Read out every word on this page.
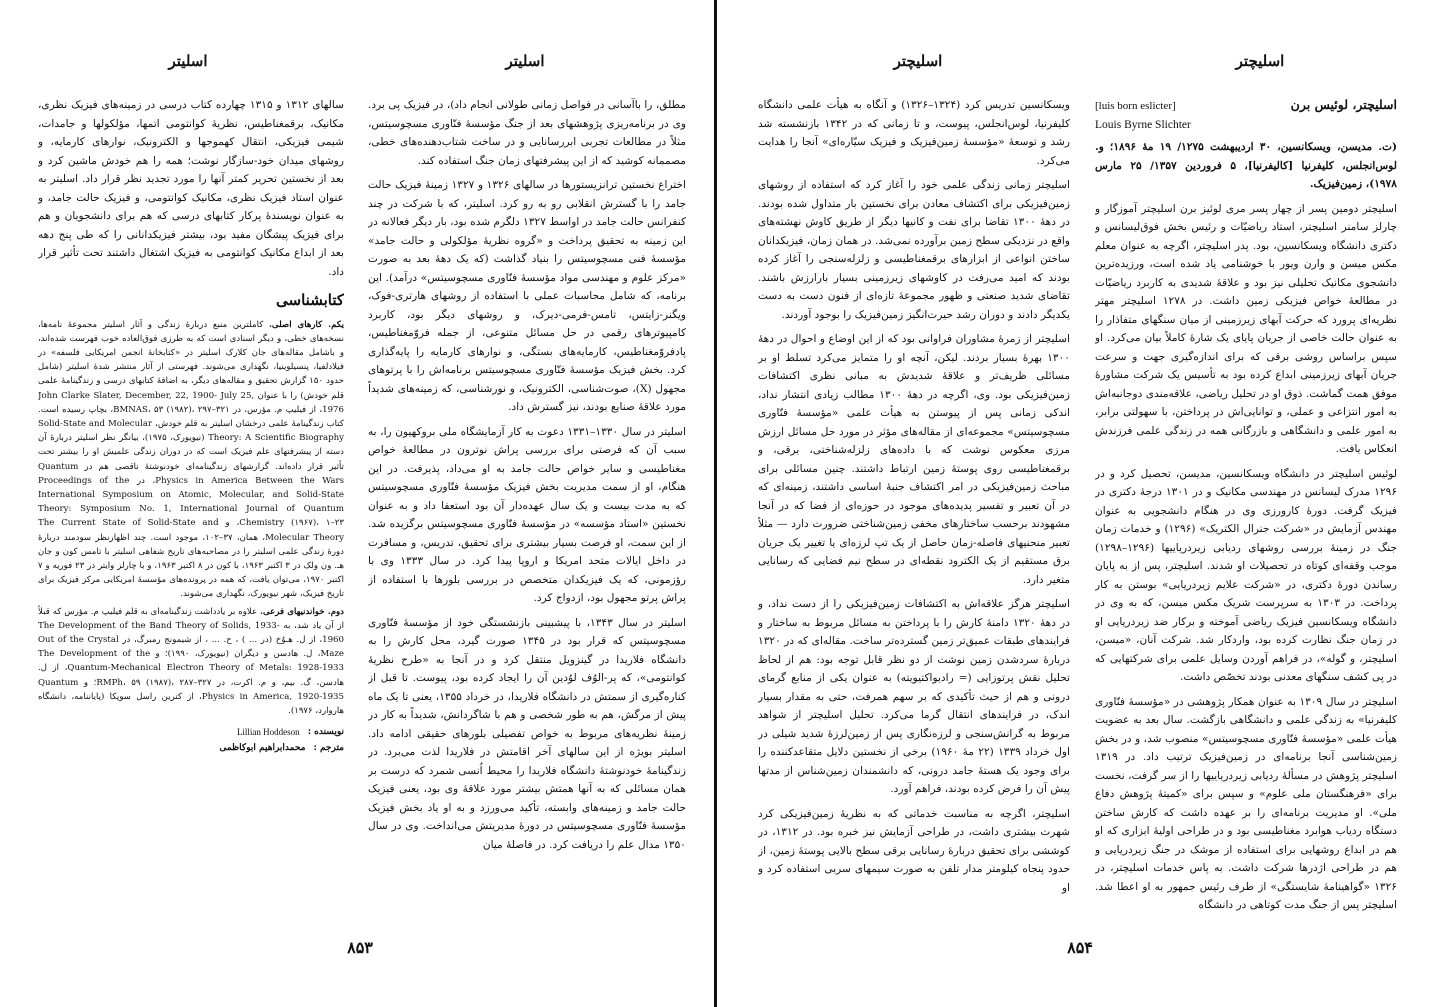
اسلیچتر
اسلیچتر
اسلیچتر، لوئیس برن
[luis born eslicter]
Louis Byrne Slichter

(ت. مدیسن، ویسکانسین، ۳۰ اردیبهشت ۱۲۷۵/ ۱۹ مهٔ ۱۸۹۶؛ و. لوس‌انجلس، کلیفرنیا [کالیفرنیا]، ۵ فروردین ۱۳۵۷/ ۲۵ مارس ۱۹۷۸)، زمین‌فیزیک.

اسلیچتر دومین پسر از چهار پسر مری لوئیز برن اسلیچتر آموزگار و چارلز سامنر اسلیچتر، استاد ریاضیّات و رئیس بخش فوق‌لیسانس و دکتری دانشگاه ویسکانسین، بود. پدر اسلیچتر، اگرچه به عنوان معلم مکس میسن و وارن ویور با خوشنامی یاد شده است، ورزیده‌ترین دانشجوی مکانیک تحلیلی نیز بود و علاقهٔ شدیدی به کاربرد ریاضیّات در مطالعهٔ خواص فیزیکی زمین داشت. در ۱۲۷۸ اسلیچتر مهتر نظریه‌ای پرورد که حرکت آبهای زیرزمینی از میان سنگهای متفاذار را به عنوان حالت خاصی از جریان پایای یک شارهٔ کاملاً بیان می‌کرد. او سپس براساس روشی برقی که برای اندازه‌گیری جهت و سرعت جریان آبهای زیرزمینی ابداع کرده بود به تأسیس یک شرکت مشاورهٔ موفق همت گماشت. ذوق او در تحلیل ریاضی، علاقه‌مندی دوجانبه‌اش به امور انتزاعی و عملی، و توانایی‌اش در پرداختن، با سهولتی برابر، به امور علمی و دانشگاهی و بازرگانی همه در زندگی علمی فرزندش انعکاس یافت.

لوئیس اسلیچتر در دانشگاه ویسکانسین، مدیسن، تحصیل کرد و در ۱۲۹۶ مدرک لیسانس در مهندسی مکانیک و در ۱۳۰۱ درجهٔ دکتری در فیزیک گرفت. دورهٔ کارورزی وی در هنگام دانشجویی به عنوان مهندس آزمایش در «شرکت جنرال الکتریک» (۱۲۹۶) و خدمات زمان جنگ در زمینهٔ بررسی روشهای ردیابی زیردریاییها (۱۲۹۶–۱۲۹۸) موجب وقفه‌ای کوتاه در تحصیلات او شدند. اسلیچتر، پس از به پایان رساندن دورهٔ دکتری، در «شرکت علایم زیردریایی» بوستن به کار پرداخت. در ۱۳۰۳ به سرپرست شریک مکس میسن، که به وی در دانشگاه ویسکانسین فیزیک ریاضی آموخته و برکار ضد زیردریایی او در زمان جنگ نظارت کرده بود، واردکار شد. شرکت آنان، «میسن، اسلیچتر، و گوله»، در فراهم آوردن وسایل علمی برای شرکتهایی که در پی کشف سنگهای معدنی بودند تخصّص داشت.

اسلیچتر در سال ۱۳۰۹ به عنوان همکار پژوهشی در «مؤسسهٔ فنّاوری کلیفرنیا» به زندگی علمی و دانشگاهی بازگشت. سال بعد به عضویت هیأت علمی «مؤسسهٔ فنّاوری مسچوسیتس» منصوب شد، و در بخش زمین‌شناسی آنجا برنامه‌ای در زمین‌فیزیک ترتیب داد. در ۱۳۱۹ اسلیچتر پژوهش در مسألهٔ ردیابی زیردریاییها را از سر گرفت، نخست برای «فرهنگستان ملی علوم» و سپس برای «کمیتهٔ پژوهش دفاع ملی». او مدیریت برنامه‌ای را بر عهده داشت که کارش ساختن دستگاه ردیاب هوابرد مغناطیسی بود و در طراحی اولیهٔ ابزاری که او هم در ابداع روشهایی برای استفاده از موشک در جنگ زیردریایی و هم در طراحی اژدرها شرکت داشت. به پاس خدمات اسلیچتر، در ۱۳۲۶ «گواهینامهٔ شایستگی» از طرف رئیس جمهور به او اعطا شد. اسلیچتر پس از جنگ مدت کوتاهی در دانشگاه

ویسکانسین تدریس کرد (۱۳۲۴–۱۳۲۶) و آنگاه به هیأت علمی دانشگاه کلیفرنیا، لوس‌انجلس، پیوست، و تا زمانی که در ۱۳۴۲ بازنشسته شد رشد و توسعهٔ «مؤسسهٔ زمین‌فیزیک و فیزیک سیّاره‌ای» آنجا را هدایت می‌کرد.

اسلیچتر زمانی زندگی علمی خود را آغاز کرد که استفاده از روشهای زمین‌فیزیکی برای اکتشاف معادن برای نخستین بار متداول شده بودند. در دههٔ ۱۳۰۰ تقاضا برای نفت و کانیها دیگر از طریق کاوش نهشته‌های واقع در نزدیکی سطح زمین برآورده نمی‌شد. در همان زمان، فیزیکدانان ساختن انواعی از ابزارهای برقمغناطیسی و زلزله‌سنجی را آغاز کرده بودند که امید می‌رفت در کاوشهای زیرزمینی بسیار بارارزش باشند. تقاضای شدید صنعتی و ظهور مجموعهٔ تازه‌ای از فنون دست به دست یکدیگر دادند و دوران رشد حیرت‌انگیز زمین‌فیزیک را بوجود آوردند.

اسلیچتر از زمرهٔ مشاوران فراوانی بود که از این اوضاع و احوال در دههٔ ۱۳۰۰ بهرهٔ بسیار بردند. لیکن، آنچه او را متمایز می‌کرد تسلط او بر مسائلی ظریف‌تر و علاقهٔ شدیدش به مبانی نظری اکتشافات زمین‌فیزیکی بود. وی، اگرچه در دههٔ ۱۳۰۰ مطالب زیادی انتشار نداد، اندکی زمانی پس از پیوستن به هیأت علمی «مؤسسهٔ فنّاوری مسچوسیتس» مجموعه‌ای از مقاله‌های مؤثر در مورد حل مسائل ارزش مرزی معکوس نوشت که با داده‌های زلزله‌شناختی، برقی، و برقمغناطیسی روی پوستهٔ زمین ارتباط داشتند. چنین مسائلی برای مباحث زمین‌فیزیکی در امر اکتشاف جنبهٔ اساسی داشتند، زمینه‌ای که در آن تعبیر و تفسیر پدیده‌های موجود در حوزه‌ای از فضا که در آنجا مشهودند برحسب ساختارهای مخفی زمین‌شناختی ضرورت دارد — مثلاً تعبیر منحنیهای فاصله-زمان حاصل از یک تپ لرزه‌ای یا تغییر یک جریان برق مستقیم از یک الکترود نقطه‌ای در سطح نیم فضایی که رسانایی متغیر دارد.

اسلیچتر هرگز علاقه‌اش به اکتشافات زمین‌فیزیکی را از دست نداد، و در دههٔ ۱۳۲۰ دامنهٔ کارش را با پرداختن به مسائل مربوط به ساختار و فرایندهای طبقات عمیق‌تر زمین گسترده‌تر ساخت. مقاله‌ای که در ۱۳۲۰ دربارهٔ سردشدن زمین نوشت از دو نظر قابل توجه بود: هم از لحاظ تحلیل نقش پرتوزایی (= رادیواکتیویته) به عنوان یکی از منابع گرمای درونی و هم از حیث تأکیدی که بر سهم همرفت، حتی به مقدار بسیار اندک، در فرایندهای انتقال گرما می‌کرد. تحلیل اسلیچتر از شواهد مربوط به گرانش‌سنجی و لرزه‌نگاری پس از زمین‌لرزهٔ شدید شیلی در اول خرداد ۱۳۳۹ (۲۲ مهٔ ۱۹۶۰) برخی از نخستین دلایل متقاعدکننده را برای وجود یک هستهٔ جامد درونی، که دانشمندان زمین‌شناس از مدتها پیش آن را فرض کرده بودند، فراهم آورد.

اسلیچتر، اگرچه به مناسبت خدماتی که به نظریهٔ زمین‌فیزیکی کرد شهرت بیشتری داشت، در طراحی آزمایش نیز خبره بود. در ۱۳۱۲، در کوششی برای تحقیق دربارهٔ رسانایی برقی سطح بالایی پوستهٔ زمین، از حدود پنجاه کیلومتر مدار تلفن به صورت سیمهای سربی استفاده کرد و او

۸۵۴
اسلیتر
اسلیتر

مطلق، را باآسانی در فواصل زمانی طولانی انجام داد)، در فیزیک پی برد. وی در برنامه‌ریزی پژوهشهای بعد از جنگ مؤسسهٔ فنّاوری مسچوسیتس، مثلاً در مطالعات تجربی ابررسانایی و در ساخت شتاب‌دهنده‌های خطی، مصممانه کوشید که از این پیشرفتهای زمان جنگ استفاده کند.

اختراع نخستین ترانزیستورها در سالهای ۱۳۲۶ و ۱۳۲۷ زمینهٔ فیزیک حالت جامد را با گسترش انقلابی رو به رو کرد. اسلیتر، که با شرکت در چند کنفرانس حالت جامد در اواسط ۱۳۲۷ دلگرم شده بود، بار دیگر فعالانه در این زمینه به تحقیق پرداخت و «گروه نظریهٔ مؤلکولی و حالت جامد» مؤسسهٔ فنی مسچوسیتس را بنیاد گذاشت (که یک دههٔ بعد به صورت «مرکز علوم و مهندسی مواد مؤسسهٔ فنّاوری مسچوسیتس» درآمد). این برنامه، که شامل محاسبات عملی با استفاده از روشهای هارتری-فوک، ویگنر-زایتس، تامس-فرمی-دیرک، و روشهای دیگر بود، کاربرد کامپیوترهای رقمی در حل مسائل متنوعی، از جمله فروّمغناطیس، پادفروّمغناطیس، کارمایه‌های بستگی، و نوارهای کارمایه را پایه‌گذاری کرد. بخش فیزیک مؤسسهٔ فنّاوری مسچوسیتس برنامه‌اش را با پرتوهای مجهول (X)، صوت‌شناسی، الکترونیک، و نورشناسی، که زمینه‌های شدیداً مورد علاقهٔ صنایع بودند، نیز گسترش داد.

اسلیتر در سال ۱۳۳۰–۱۳۳۱ دعوت به کار آزمایشگاه ملی بروکهیون را، به سبب آن که فرصتی برای بررسی پراش نوترون در مطالعهٔ خواص مغناطیسی و سایر خواص حالت جامد به او می‌داد، پذیرفت. در این هنگام، او از سمت مدیریت بخش فیزیک مؤسسهٔ فنّاوری مسچوسیتس که به مدت بیست و یک سال عهده‌دار آن بود استعفا داد و به عنوان نخستین «استاد مؤسسه» در مؤسسهٔ فنّاوری مسچوسیتس برگزیده شد. از این سمت، او فرصت بسیار بیشتری برای تحقیق، تدریس، و مسافرت در داخل ایالات متحد امریکا و اروپا پیدا کرد. در سال ۱۳۳۳ وی با رؤزمونی، که یک فیزیکدان متخصص در بررسی بلورها با استفاده از پراش پرتو مجهول بود، ازدواج کرد.

اسلیتر در سال ۱۳۴۳، با پیشبینی بازنشستگی خود از مؤسسهٔ فنّاوری مسچوسیتس که قرار بود در ۱۳۴۵ صورت گیرد، محل کارش را به دانشگاه فلاریدا در گینزویل منتقل کرد و در آنجا به «طرح نظریهٔ کوانتومی»، که پر-الوُف لوُدین آن را ایجاد کرده بود، پیوست. تا قبل از کناره‌گیری از سمتش در دانشگاه فلاریدا، در خرداد ۱۳۵۵، یعنی تا یک ماه پیش از مرگش، هم به طور شخصی و هم با شاگردانش، شدیداً به کار در زمینهٔ نظریه‌های مربوط به خواص تفصیلی بلورهای حقیقی ادامه داد. اسلیتر بویژه از این سالهای آخر اقامتش در فلاریدا لذت می‌برد. در زندگینامهٔ خودنوشتهٔ دانشگاه فلاریدا را محیط اُنسی شمرد که درست بر همان مسائلی که به آنها همتش بیشتر مورد علاقهٔ وی بود، یعنی فیزیک حالت جامد و زمینه‌های وابسته، تأکید می‌ورزد و به او یاد بخش فیزیک مؤسسهٔ فنّاوری مسچوسیتس در دورهٔ مدیریتش می‌انداخت. وی در سال ۱۳۵۰ مدال علم را دریافت کرد. در فاصلهٔ میان

سالهای ۱۳۱۲ و ۱۳۱۵ چهارده کتاب درسی در زمینه‌های فیزیک نظری، مکانیک، برقمغناطیس، نظریهٔ کوانتومی اتمها، مؤلکولها و جامدات، شیمی فیزیکی، انتقال کهموجها و الکترونیک، نوارهای کارمایه، و روشهای میدان خود-سازگار نوشت؛ همه را هم خودش ماشین کرد و بعد از نخستین تحریر کمتر آنها را مورد تجدید نظر قرار داد. اسلیتر به عنوان استاد فیزیک نظری، مکانیک کوانتومی، و فیزیک حالت جامد، و به عنوان نویسندهٔ پرکار کتابهای درسی که هم برای دانشجویان و هم برای فیزیک پیشگان مفید بود، بیشتر فیزیکدانانی را که طی پنج دهه بعد از ابداع مکانیک کوانتومی به فیزیک اشتغال داشتند تحت تأثیر قرار داد.

کتابشناسی

یکم. کارهای اصلی. کاملترین منبع دربارهٔ زندگی و آثار اسلیتر مجموعهٔ نامه‌ها، نسخه‌های خطی، و دیگر اسنادی است که به طرزی فوق‌العاده خوب فهرست شده‌اند، و باشامل مقاله‌های جان کلارک اسلیتر در «کتابخانهٔ انجمن امریکایی فلسفه» در فیلادلفیا، پنسیلوینیا، نگهداری می‌شوند. فهرستی از آثار منتشر شدهٔ اسلیتر (شامل حدود ۱۵۰ گزارش تحقیق و مقاله‌های دیگر، به اضافهٔ کتابهای درسی و زندگینامهٔ علمی قلم خودش) را با عنوان John Clarke Slater, December, 22, 1900- July 25, 1976، از فیلیپ م. مؤرس، در BMNAS، ۵۳ (۱۹۸۲)، ۲۹۷–۳۲۱، بچاپ رسیده است. کتاب زندگینامهٔ علمی درخشان اسلیتر به قلم خودش، Solid-State and Molecular Theory: A Scientific Biography (نیویورک، ۱۹۷۵)، بیانگر نظر اسلیتر دربارهٔ آن دسته از پیشرفتهای علم فیزیک است که در دوران زندگی علمیش او را بیشتر تحت تأثیر قرار داده‌اند. گزارشهای زندگینامه‌ای خودنوشتهٔ ناقصی هم در Quantum Physics in America Between the Wars، در Proceedings of the International Symposium on Atomic, Molecular, and Solid-State Theory: Symposium No. 1, International Journal of Quantum Chemistry (۱۹۶۷)، ۱–۲۳، و The Current State of Solid-State and Molecular Theory، همان، ۳۷–۱۰۲، موجود است. چند اظهارنظر سودمند دربارهٔ دورهٔ زندگی علمی اسلیتر را در مصاحبه‌های تاریخ شفاهی اسلیتر با تامس کون و جان هـ. ون ولک در ۳ اکتبر ۱۹۶۳، با کون در ۸ اکتبر ۱۹۶۳، و با چارلز وایتر در ۲۳ فوریه و ۷ اکتبر ۱۹۷۰، می‌توان یافت، که همه در پرونده‌های مؤسسهٔ امریکایی مرکز فیزیک برای تاریخ فیزیک، شهر نیویورک، نگهداری می‌شوند.

دوم. خواندنیهای فرعی. علاوه بر یادداشت زندگینامه‌ای به قلم فیلیپ م. مؤرس که قبلاً از آن یاد شد، به The Development of the Band Theory of Solids, 1933-1960، از ل. هـوُخ (در ... ) ، ح. ... ، از شیمونج رمبرگ، در Out of the Crystal Maze، ل. هادسن و دیگران (نیویورک، ۱۹۹۰)؛ و The Development of the Quantum-Mechanical Electron Theory of Metals: 1928-1933، از ل. هادسن، گ. بیم، و م. اکرت، در RMPh، ۵۹ (۱۹۸۷)، ۲۸۷–۳۲۷؛ و Quantum Physics in America, 1920-1935، از کترین راسل سوپکا (پایاننامه، دانشگاه هاروارد، ۱۹۷۶).

نویسنده :
Lillian Hoddeson
مترجم :
محمدابراهیم ابوکاظمی
۸۵۳
